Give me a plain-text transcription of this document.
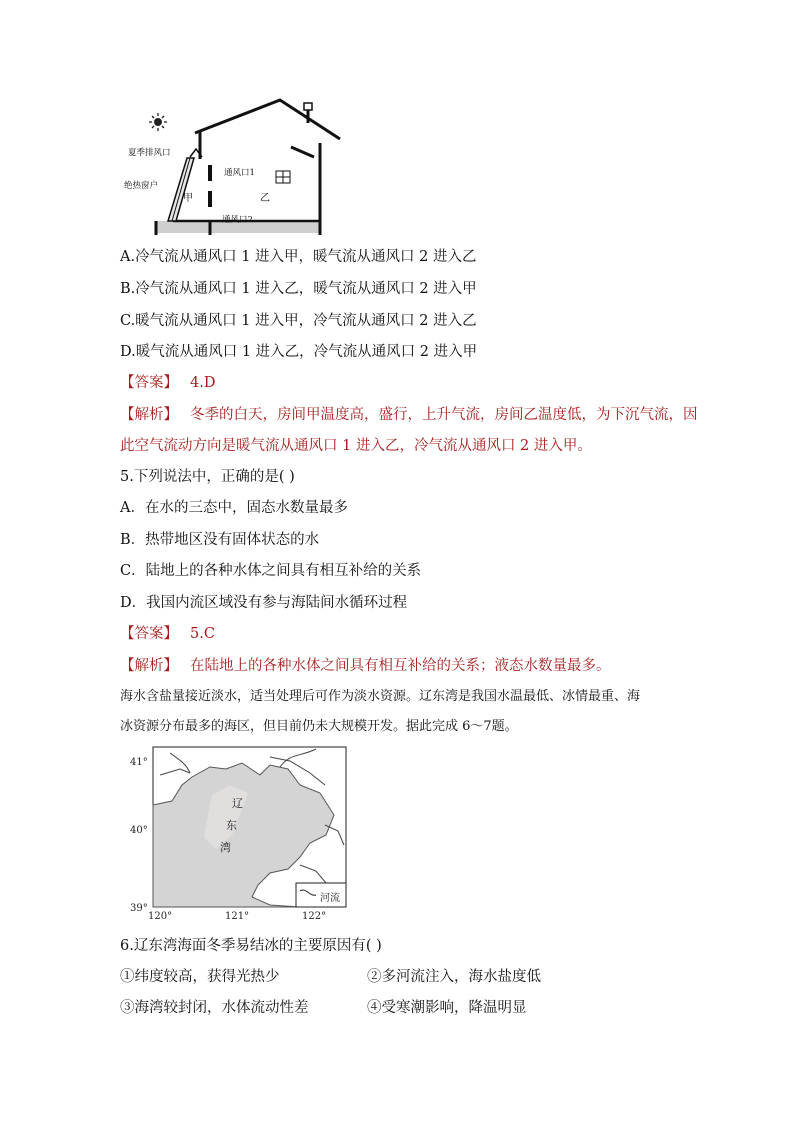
夏季排风口
绝热窗户
通风口1
通风口2
甲	乙
A.冷气流从通风口 1 进入甲，暖气流从通风口 2 进入乙
B.冷气流从通风口 1 进入乙，暖气流从通风口 2 进入甲
C.暖气流从通风口 1 进入甲，冷气流从通风口 2 进入乙
D.暖气流从通风口 1 进入乙，冷气流从通风口 2 进入甲
【答案】 4.D
【解析】 冬季的白天，房间甲温度高，盛行，上升气流，房间乙温度低，为下沉气流，因
此空气流动方向是暖气流从通风口 1 进入乙，冷气流从通风口 2 进入甲。
5.下列说法中，正确的是( )
A．在水的三态中，固态水数量最多
B．热带地区没有固体状态的水
C．陆地上的各种水体之间具有相互补给的关系
D．我国内流区域没有参与海陆间水循环过程
【答案】 5.C
【解析】 在陆地上的各种水体之间具有相互补给的关系；液态水数量最多。
海水含盐量接近淡水，适当处理后可作为淡水资源。辽东湾是我国水温最低、冰情最重、海
冰资源分布最多的海区，但目前仍未大规模开发。据此完成 6～7题。
辽
东
湾
41°
40°
39°
120°	121°	122°
河流
6.辽东湾海面冬季易结冰的主要原因有( )
①纬度较高，获得光热少	②多河流注入，海水盐度低
③海湾较封闭，水体流动性差	④受寒潮影响，降温明显
